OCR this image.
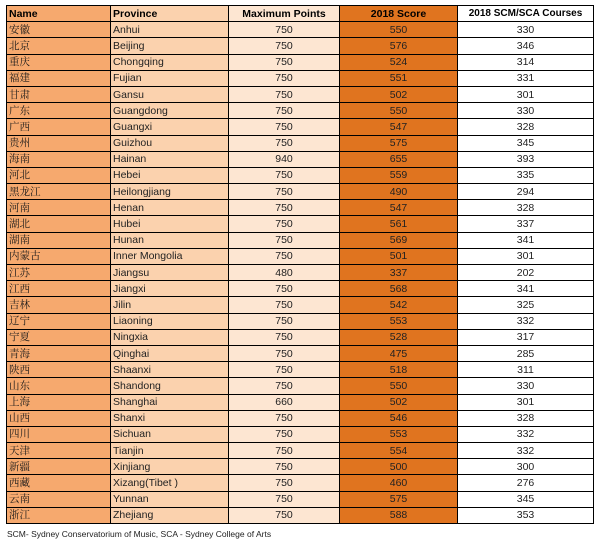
Name	Province	Maximum Points	2018 Score	2018 SCM/SCA Courses
安徽	Anhui	750	550	330
北京	Beijing	750	576	346
重庆	Chongqing	750	524	314
福建	Fujian	750	551	331
甘肃	Gansu	750	502	301
广东	Guangdong	750	550	330
广西	Guangxi	750	547	328
贵州	Guizhou	750	575	345
海南	Hainan	940	655	393
河北	Hebei	750	559	335
黑龙江	Heilongjiang	750	490	294
河南	Henan	750	547	328
湖北	Hubei	750	561	337
湖南	Hunan	750	569	341
内蒙古	Inner Mongolia	750	501	301
江苏	Jiangsu	480	337	202
江西	Jiangxi	750	568	341
吉林	Jilin	750	542	325
辽宁	Liaoning	750	553	332
宁夏	Ningxia	750	528	317
青海	Qinghai	750	475	285
陕西	Shaanxi	750	518	311
山东	Shandong	750	550	330
上海	Shanghai	660	502	301
山西	Shanxi	750	546	328
四川	Sichuan	750	553	332
天津	Tianjin	750	554	332
新疆	Xinjiang	750	500	300
西藏	Xizang(Tibet )	750	460	276
云南	Yunnan	750	575	345
浙江	Zhejiang	750	588	353
SCM- Sydney Conservatorium of Music, SCA - Sydney College of Arts
